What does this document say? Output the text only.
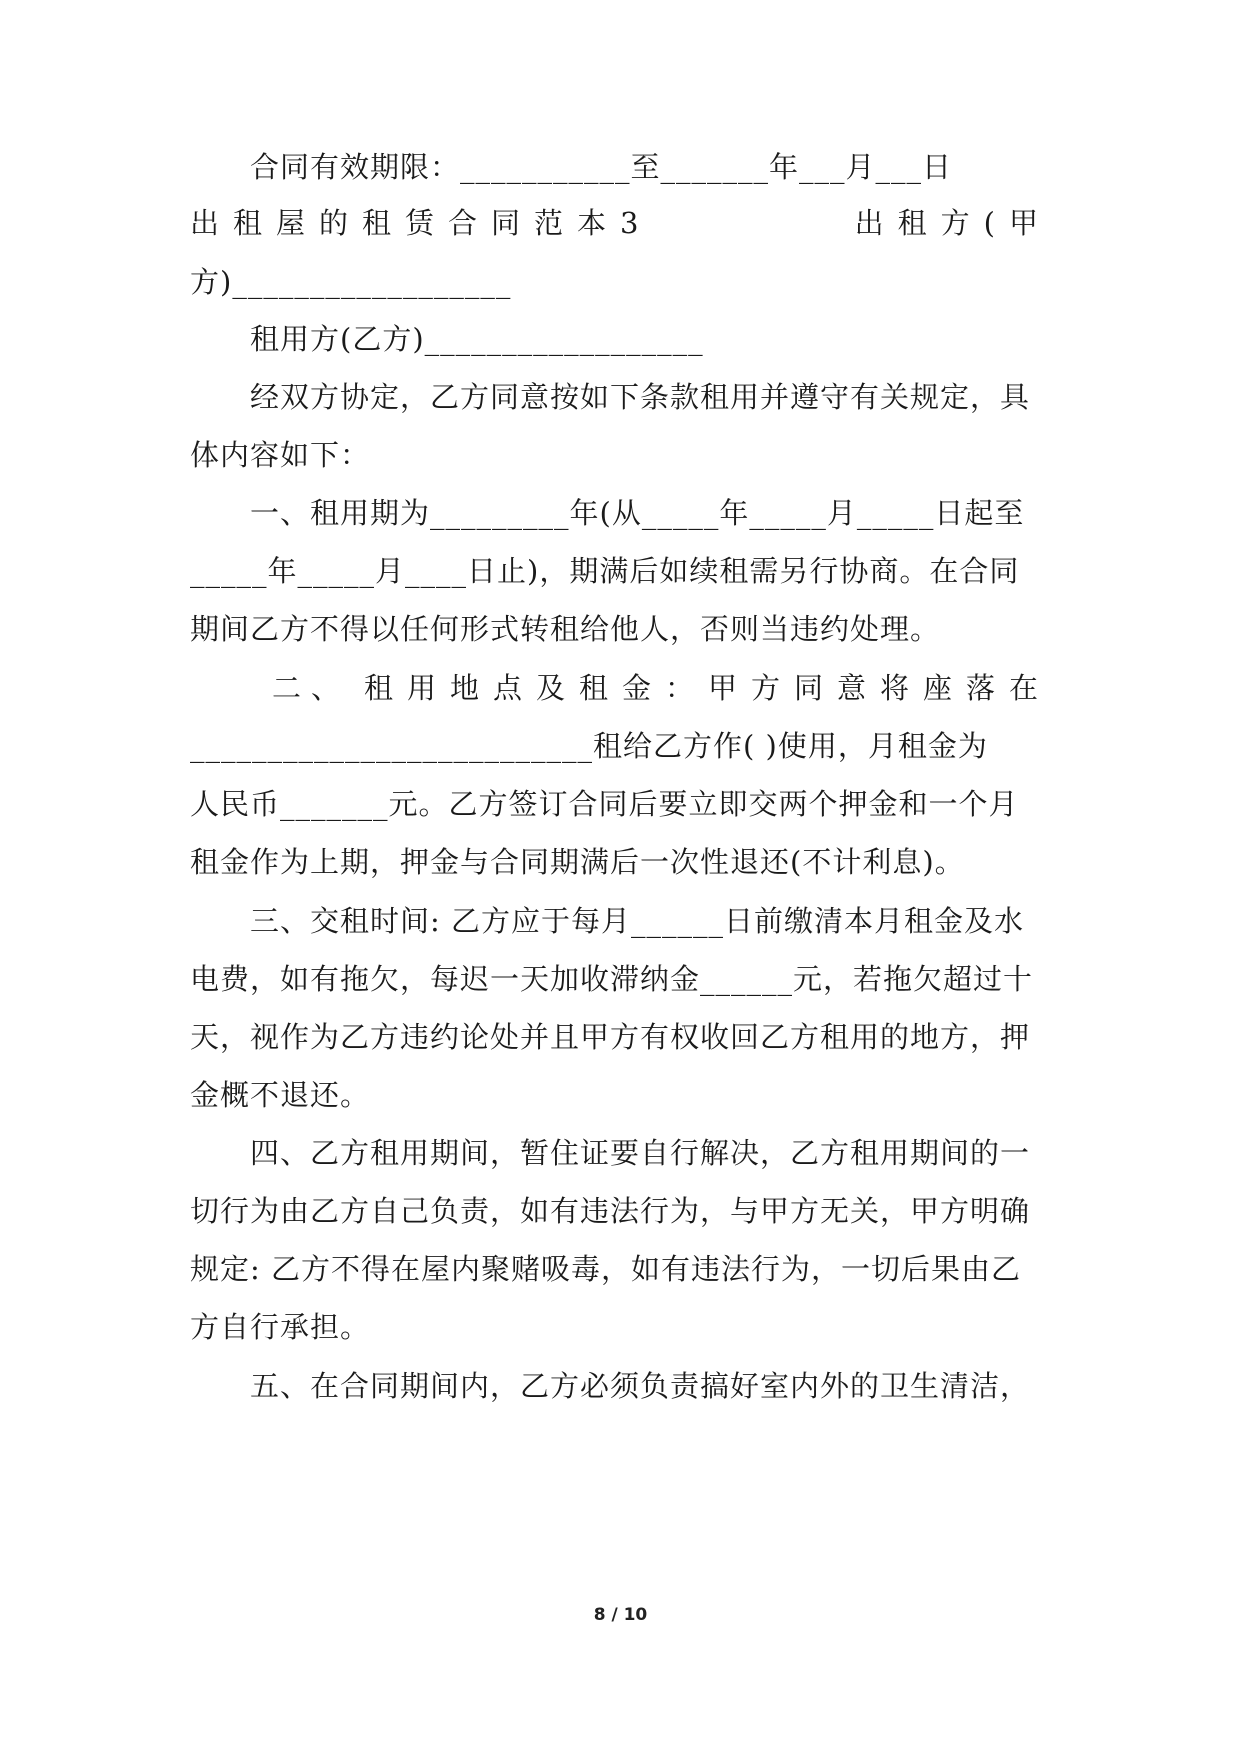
合同有效期限：___________至_______年___月___日
出租屋的租赁合同范本3	出租方(甲
方)__________________
租用方(乙方)__________________
经双方协定，乙方同意按如下条款租用并遵守有关规定，具
体内容如下：
一、租用期为_________年(从_____年_____月_____日起至
_____年_____月____日止)，期满后如续租需另行协商。在合同
期间乙方不得以任何形式转租给他人，否则当违约处理。
二、 租用地点及租金：甲方同意将座落在
__________________________租给乙方作( )使用，月租金为
人民币_______元。乙方签订合同后要立即交两个押金和一个月
租金作为上期，押金与合同期满后一次性退还(不计利息)。
三、交租时间: 乙方应于每月______日前缴清本月租金及水
电费，如有拖欠，每迟一天加收滞纳金______元，若拖欠超过十
天，视作为乙方违约论处并且甲方有权收回乙方租用的地方，押
金概不退还。
四、乙方租用期间，暂住证要自行解决，乙方租用期间的一
切行为由乙方自己负责，如有违法行为，与甲方无关，甲方明确
规定: 乙方不得在屋内聚赌吸毒，如有违法行为，一切后果由乙
方自行承担。
五、在合同期间内，乙方必须负责搞好室内外的卫生清洁，
8 / 10
